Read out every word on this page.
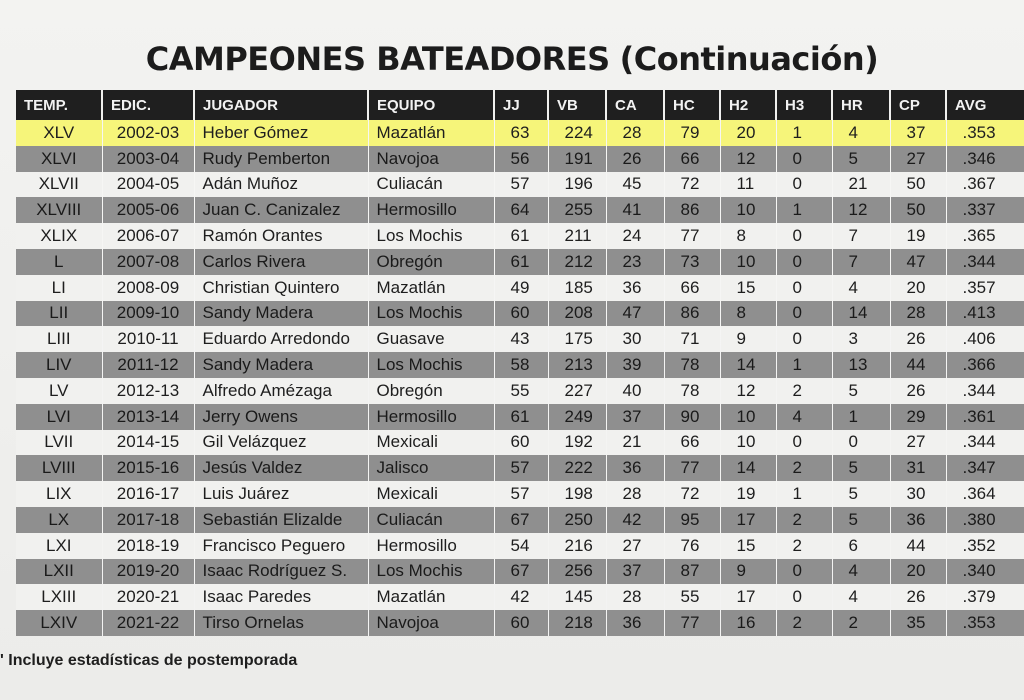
CAMPEONES BATEADORES (Continuación)
TEMP.	EDIC.	JUGADOR	EQUIPO	JJ	VB	CA	HC	H2	H3	HR	CP	AVG
XLV	2002-03	Heber Gómez	Mazatlán	63	224	28	79	20	1	4	37	.353
XLVI	2003-04	Rudy Pemberton	Navojoa	56	191	26	66	12	0	5	27	.346
XLVII	2004-05	Adán Muñoz	Culiacán	57	196	45	72	11	0	21	50	.367
XLVIII	2005-06	Juan C. Canizalez	Hermosillo	64	255	41	86	10	1	12	50	.337
XLIX	2006-07	Ramón Orantes	Los Mochis	61	211	24	77	8	0	7	19	.365
L	2007-08	Carlos Rivera	Obregón	61	212	23	73	10	0	7	47	.344
LI	2008-09	Christian Quintero	Mazatlán	49	185	36	66	15	0	4	20	.357
LII	2009-10	Sandy Madera	Los Mochis	60	208	47	86	8	0	14	28	.413
LIII	2010-11	Eduardo Arredondo	Guasave	43	175	30	71	9	0	3	26	.406
LIV	2011-12	Sandy Madera	Los Mochis	58	213	39	78	14	1	13	44	.366
LV	2012-13	Alfredo Amézaga	Obregón	55	227	40	78	12	2	5	26	.344
LVI	2013-14	Jerry Owens	Hermosillo	61	249	37	90	10	4	1	29	.361
LVII	2014-15	Gil Velázquez	Mexicali	60	192	21	66	10	0	0	27	.344
LVIII	2015-16	Jesús Valdez	Jalisco	57	222	36	77	14	2	5	31	.347
LIX	2016-17	Luis Juárez	Mexicali	57	198	28	72	19	1	5	30	.364
LX	2017-18	Sebastián Elizalde	Culiacán	67	250	42	95	17	2	5	36	.380
LXI	2018-19	Francisco Peguero	Hermosillo	54	216	27	76	15	2	6	44	.352
LXII	2019-20	Isaac Rodríguez S.	Los Mochis	67	256	37	87	9	0	4	20	.340
LXIII	2020-21	Isaac Paredes	Mazatlán	42	145	28	55	17	0	4	26	.379
LXIV	2021-22	Tirso Ornelas	Navojoa	60	218	36	77	16	2	2	35	.353
' Incluye estadísticas de postemporada
